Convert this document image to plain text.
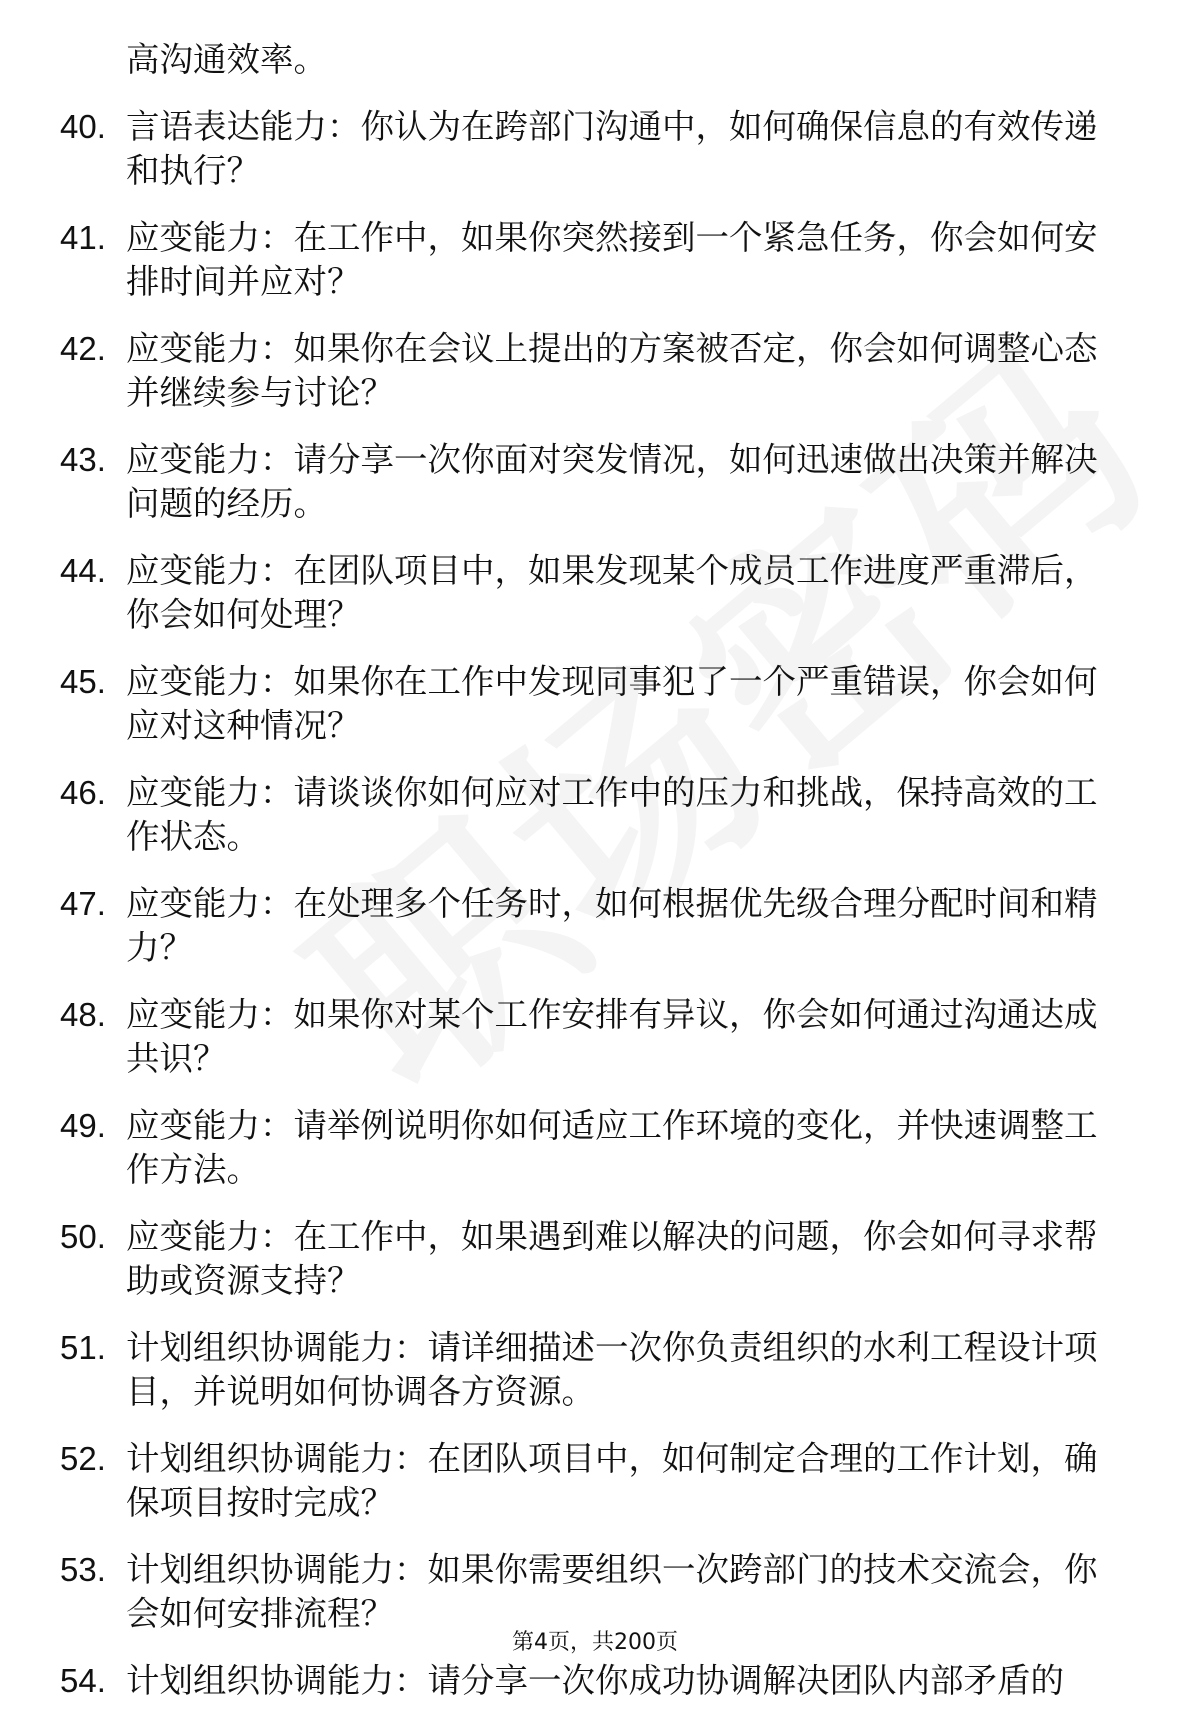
高沟通效率。
40. 言语表达能力：你认为在跨部门沟通中，如何确保信息的有效传递和执行？
41. 应变能力：在工作中，如果你突然接到一个紧急任务，你会如何安排时间并应对？
42. 应变能力：如果你在会议上提出的方案被否定，你会如何调整心态并继续参与讨论？
43. 应变能力：请分享一次你面对突发情况，如何迅速做出决策并解决问题的经历。
44. 应变能力：在团队项目中，如果发现某个成员工作进度严重滞后，你会如何处理？
45. 应变能力：如果你在工作中发现同事犯了一个严重错误，你会如何应对这种情况？
46. 应变能力：请谈谈你如何应对工作中的压力和挑战，保持高效的工作状态。
47. 应变能力：在处理多个任务时，如何根据优先级合理分配时间和精力？
48. 应变能力：如果你对某个工作安排有异议，你会如何通过沟通达成共识？
49. 应变能力：请举例说明你如何适应工作环境的变化，并快速调整工作方法。
50. 应变能力：在工作中，如果遇到难以解决的问题，你会如何寻求帮助或资源支持？
51. 计划组织协调能力：请详细描述一次你负责组织的水利工程设计项目，并说明如何协调各方资源。
52. 计划组织协调能力：在团队项目中，如何制定合理的工作计划，确保项目按时完成？
53. 计划组织协调能力：如果你需要组织一次跨部门的技术交流会，你会如何安排流程？
54. 计划组织协调能力：请分享一次你成功协调解决团队内部矛盾的
第4页，共200页
